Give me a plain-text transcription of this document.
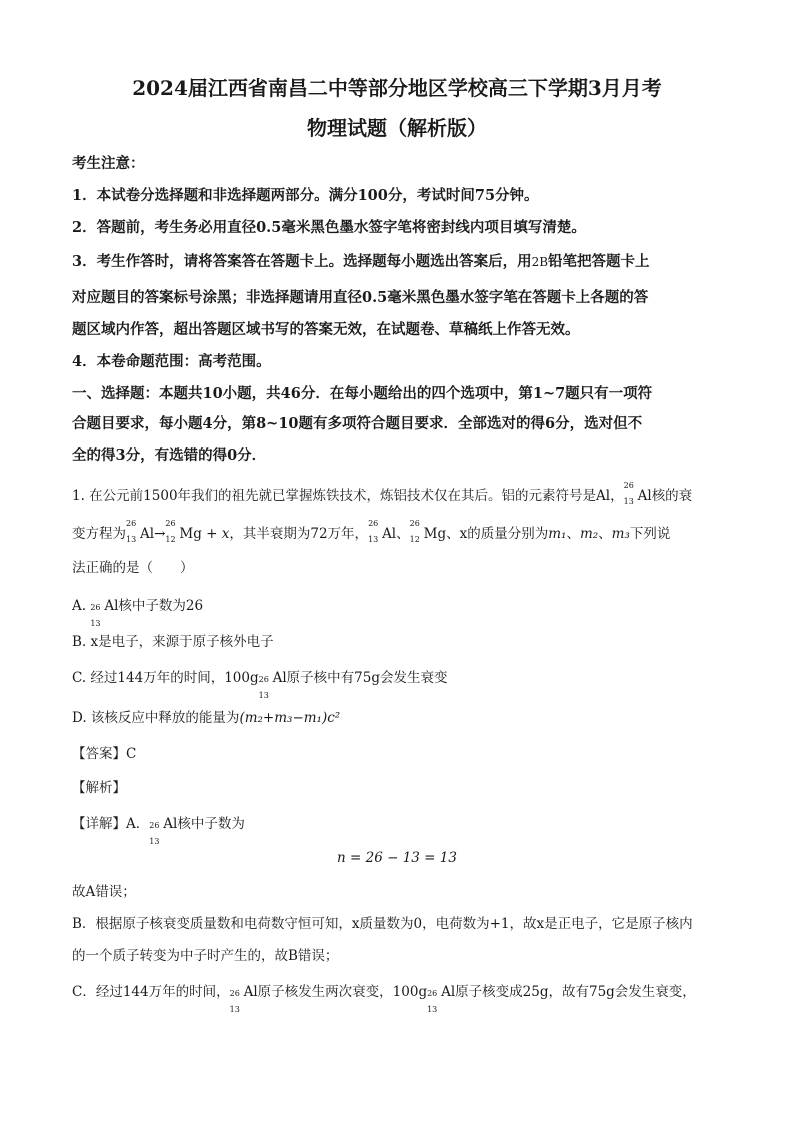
2024届江西省南昌二中等部分地区学校高三下学期3月月考
物理试题（解析版）
考生注意：
1．本试卷分选择题和非选择题两部分。满分100分，考试时间75分钟。
2．答题前，考生务必用直径0.5毫米黑色墨水签字笔将密封线内项目填写清楚。
3．考生作答时，请将答案答在答题卡上。选择题每小题选出答案后，用2B铅笔把答题卡上
对应题目的答案标号涂黑；非选择题请用直径0.5毫米黑色墨水签字笔在答题卡上各题的答
题区域内作答，超出答题区域书写的答案无效，在试题卷、草稿纸上作答无效。
4．本卷命题范围：高考范围。
一、选择题：本题共10小题，共46分．在每小题给出的四个选项中，第1~7题只有一项符
合题目要求，每小题4分，第8~10题有多项符合题目要求．全部选对的得6分，选对但不
全的得3分，有选错的得0分．
1. 在公元前1500年我们的祖先就已掌握炼铁技术，炼铝技术仅在其后。铝的元素符号是Al，
26
13 Al核的衰
变方程为
26
13 Al→
26
12 Mg + x，其半衰期为72万年，
26
13 Al、
26
12 Mg、x的质量分别为m₁、m₂、m₃下列说
法正确的是（　　）
A. 26
13
Al核中子数为26
B. x是电子，来源于原子核外电子
C. 经过144万年的时间，100g 26
13
Al原子核中有75g会发生衰变
D. 该核反应中释放的能量为(m₂+m₃−m₁)c²
【答案】C
【解析】
【详解】A． 26
13
Al核中子数为
n = 26 − 13 = 13
故A错误；
B．根据原子核衰变质量数和电荷数守恒可知，x质量数为0，电荷数为+1，故x是正电子，它是原子核内
的一个质子转变为中子时产生的，故B错误；
C．经过144万年的时间， 26
13
Al原子核发生两次衰变，100g 26
13
Al原子核变成25g，故有75g会发生衰变，
